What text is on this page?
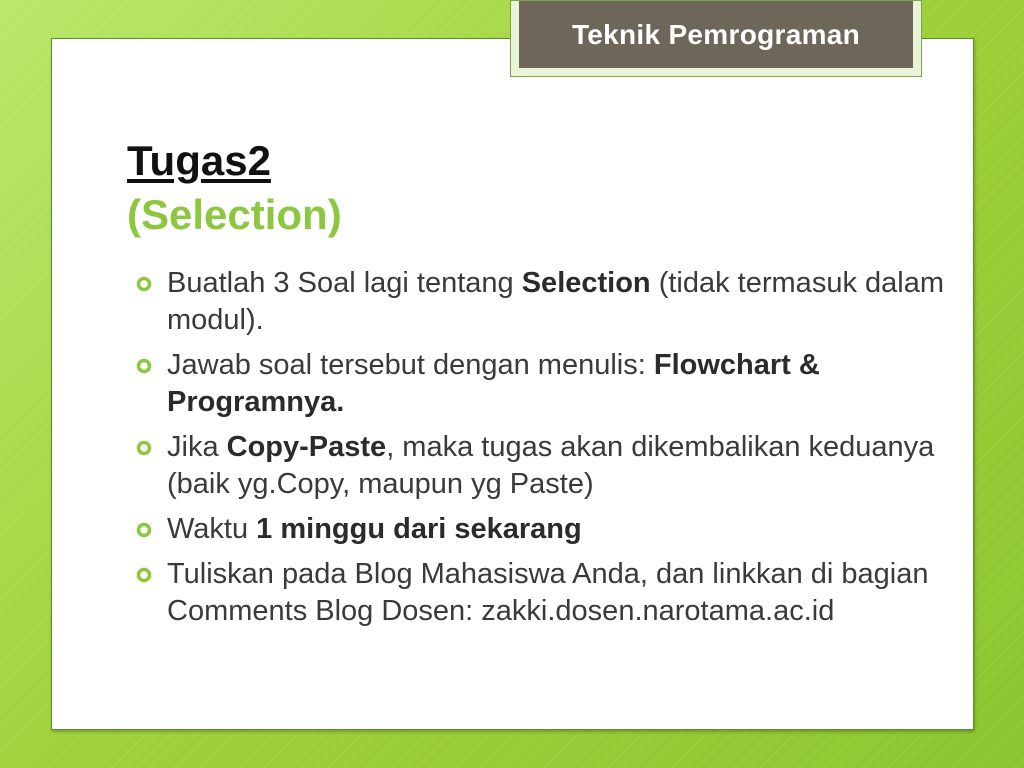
Teknik Pemrograman
Tugas2
(Selection)
Buatlah 3 Soal lagi tentang Selection (tidak termasuk dalam modul).
Jawab soal tersebut dengan menulis: Flowchart & Programnya.
Jika Copy-Paste, maka tugas akan dikembalikan keduanya (baik yg.Copy, maupun yg Paste)
Waktu 1 minggu dari sekarang
Tuliskan pada Blog Mahasiswa Anda, dan linkkan di bagian Comments Blog Dosen: zakki.dosen.narotama.ac.id
